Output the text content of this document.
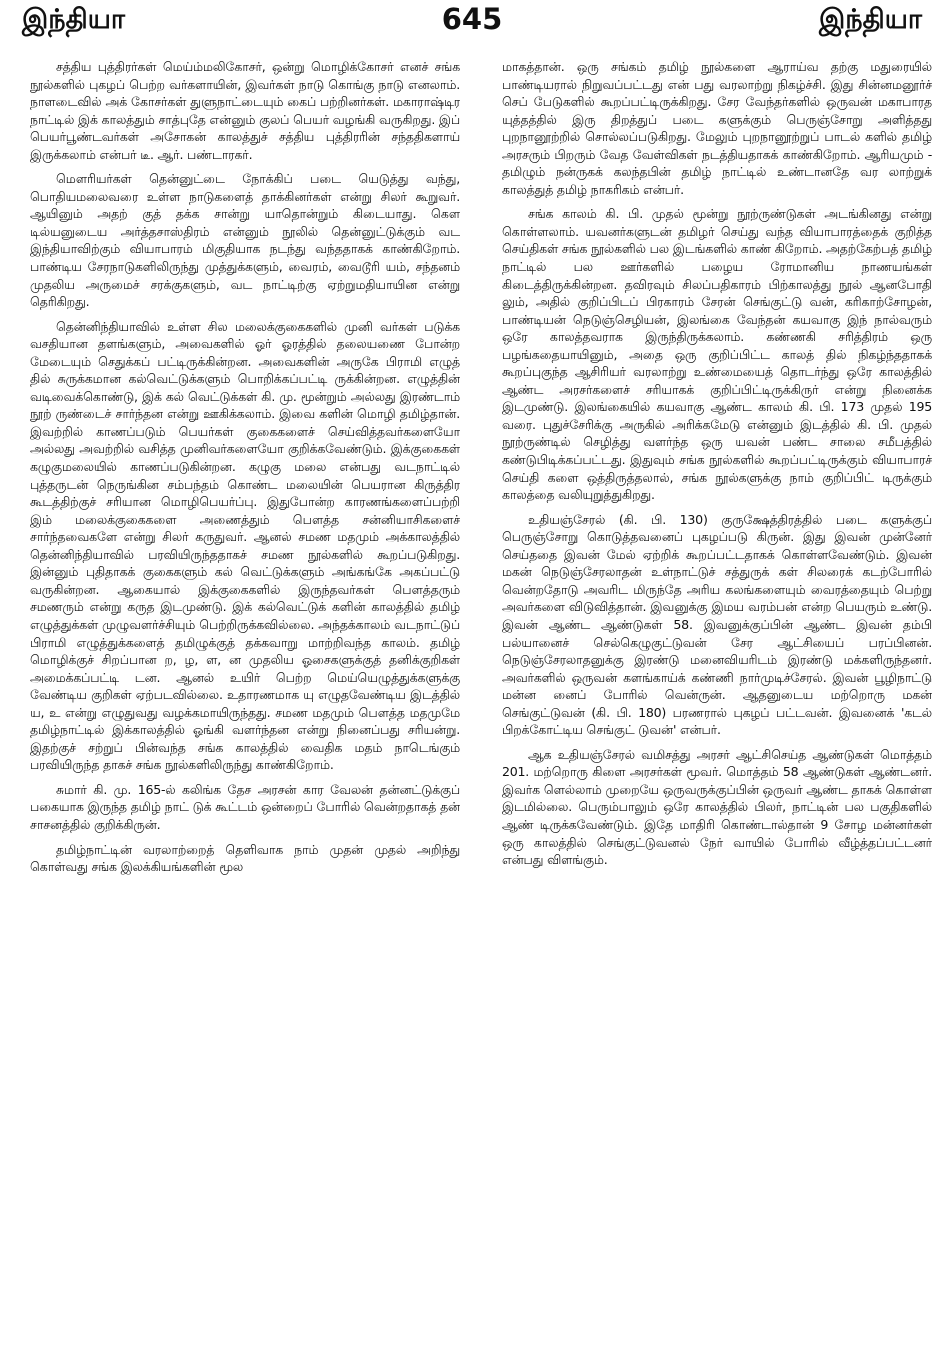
இந்தியா	645	இந்தியா

சத்திய புத்திரர்கள் மெய்ம்மலிகோசர், ஒன்று மொழிக்கோசர் எனச் சங்க நூல்களில் புகழப் பெற்ற வர்களாயின், இவர்கள் நாடு கொங்கு நாடு எனலாம். நாளடைவில் அக் கோசர்கள் துளுநாட்டையும் கைப் பற்றினர்கள். மகாராஷ்டிர நாட்டில் இக் காலத்தும் சாத்புதே என்னும் குலப் பெயர் வழங்கி வருகிறது. இப் பெயர்பூண்டவர்கள் அசோகன் காலத்துச் சத்திய புத்திரரின் சந்ததிகளாய் இருக்கலாம் என்பர் டீ. ஆர். பண்டாரகர்.

மௌரியர்கள் தென்னுட்டை நோக்கிப் படை யெடுத்து வந்து, பொதியமலைவரை உள்ள நாடுகளைத் தாக்கினர்கள் என்று சிலர் கூறுவர். ஆயினும் அதற் குத் தக்க சான்று யாதொன்றும் கிடையாது. கௌ டில்யனுடைய அர்த்தசாஸ்திரம் என்னும் நூலில் தென்னுட்டுக்கும் வட இந்தியாவிற்கும் வியாபாரம் மிகுதியாக நடந்து வந்ததாகக் காண்கிறோம். பாண்டிய சேரநாடுகளிலிருந்து முத்துக்களும், வைரம், வைடூரி யம், சந்தனம் முதலிய அருமைச் சரக்குகளும், வட நாட்டிற்கு ஏற்றுமதியாயின என்று தெரிகிறது.

தென்னிந்தியாவில் உள்ள சில மலைக்குகைகளில் முனி வர்கள் படுக்க வசதியான தளங்களும், அவைகளில் ஓர் ஓரத்தில் தலையணை போன்ற மேடையும் செதுக்கப் பட்டிருக்கின்றன. அவைகளின் அருகே பிராமி எழுத் தில் சுருக்கமான கல்வெட்டுக்களும் பொறிக்கப்பட்டி ருக்கின்றன. எழுத்தின் வடிவைக்கொண்டு, இக் கல் வெட்டுக்கள் கி. மு. மூன்றும் அல்லது இரண்டாம் நூற் ருண்டைச் சார்ந்தன என்று ஊகிக்கலாம். இவை களின் மொழி தமிழ்தான். இவற்றில் காணப்படும் பெயர்கள் குகைகளைச் செய்வித்தவர்களையோ அல்லது அவற்றில் வசித்த முனிவர்களையோ குறிக்கவேண்டும். இக்குகைகள் கழுகுமலையில் காணப்படுகின்றன. கழுகு மலை என்பது வடநாட்டில் புத்தருடன் நெருங்கின சம்பந்தம் கொண்ட மலையின் பெயரான கிருத்திர கூடத்திற்குச் சரியான மொழிபெயர்ப்பு. இதுபோன்ற காரணங்களைப்பற்றி இம் மலைக்குகைகளை அணைத்தும் பௌத்த சன்னியாசிகளைச் சார்ந்தவைகளே என்று சிலர் கருதுவர். ஆனல் சமண மதமும் அக்காலத்தில் தென்னிந்தியாவில் பரவியிருந்ததாகச் சமண நூல்களில் கூறப்படுகிறது. இன்னும் புதிதாகக் குகைகளும் கல் வெட்டுக்களும் அங்கங்கே அகப்பட்டு வருகின்றன. ஆகையால் இக்குகைகளில் இருந்தவர்கள் பௌத்தரும் சமணரும் என்று கருத இடமுண்டு. இக் கல்வெட்டுக் களின் காலத்தில் தமிழ் எழுத்துக்கள் முழுவளர்ச்சியும் பெற்றிருக்கவில்லை. அந்தக்காலம் வடநாட்டுப் பிராமி எழுத்துக்களைத் தமிழுக்குத் தக்கவாறு மாற்றிவந்த காலம். தமிழ் மொழிக்குச் சிறப்பான ற, ழ, ள, ன முதலிய ஓசைகளுக்குத் தனிக்குறிகள் அமைக்கப்பட்டி டன. ஆனல் உயிர் பெற்ற மெய்யெழுத்துக்களுக்கு வேண்டிய குறிகள் ஏற்படவில்லை. உதாரணமாக யு எழுதவேண்டிய இடத்தில் ய, உ என்று எழுதுவது வழக்கமாயிருந்தது. சமண மதமும் பௌத்த மதமுமே தமிழ்நாட்டில் இக்காலத்தில் ஓங்கி வளர்ந்தன என்று நினைப்பது சரியன்று. இதற்குச் சற்றுப் பின்வந்த சங்க காலத்தில் வைதிக மதம் நாடெங்கும் பரவியிருந்த தாகச் சங்க நூல்களிலிருந்து காண்கிறோம்.

சுமார் கி. மு. 165-ல் கலிங்க தேச அரசன் கார வேலன் தன்னட்டுக்குப் பகையாக இருந்த தமிழ் நாட் டுக் கூட்டம் ஒன்றைப் போரில் வென்றதாகத் தன் சாசனத்தில் குறிக்கிருன்.

தமிழ்நாட்டின் வரலாற்றைத் தெளிவாக நாம் முதன் முதல் அறிந்து கொள்வது சங்க இலக்கியங்களின் மூல

மாகத்தான். ஒரு சங்கம் தமிழ் நூல்களை ஆராய்வ தற்கு மதுரையில் பாண்டியரால் நிறுவப்பட்டது என் பது வரலாற்று நிகழ்ச்சி. இது சின்னமனூர்ச் செப் பேடுகளில் கூறப்பட்டிருக்கிறது. சேர வேந்தர்களில் ஒருவன் மகாபாரத யுத்தத்தில் இரு திறத்துப் படை களுக்கும் பெருஞ்சோறு அளித்தது புறநானூற்றில் சொல்லப்படுகிறது. மேலும் புறநானூற்றுப் பாடல் களில் தமிழ் அரசரும் பிறரும் வேத வேள்விகள் நடத்தியதாகக் காண்கிறோம். ஆரியமும் - தமிழும் நன்ருகக் கலந்தபின் தமிழ் நாட்டில் உண்டானதே வர லாற்றுக் காலத்துத் தமிழ் நாகரிகம் என்பர்.

சங்க காலம் கி. பி. முதல் மூன்று நூற்ருண்டுகள் அடங்கினது என்று கொள்ளலாம். யவனர்களுடன் தமிழர் செய்து வந்த வியாபாரத்தைக் குறித்த செய்திகள் சங்க நூல்களில் பல இடங்களில் காண் கிறோம். அதற்கேற்பத் தமிழ் நாட்டில் பல ஊர்களில் பழைய ரோமானிய நாணயங்கள் கிடைத்திருக்கின்றன. தவிரவும் சிலப்பதிகாரம் பிற்காலத்து நூல் ஆனபோதி லும், அதில் குறிப்பிடப் பிரகாரம் சேரன் செங்குட்டு வன், கரிகாற்சோழன், பாண்டியன் நெடுஞ்செழியன், இலங்கை வேந்தன் கயவாகு இந் நால்வரும் ஒரே காலத்தவராக இருந்திருக்கலாம். கண்ணகி சரித்திரம் ஒரு பழங்கதையாயினும், அதை ஒரு குறிப்பிட்ட காலத் தில் நிகழ்ந்ததாகக் கூறப்புகுந்த ஆசிரியர் வரலாற்று உண்மையைத் தொடர்ந்து ஒரே காலத்தில் ஆண்ட அரசர்களைச் சரியாகக் குறிப்பிட்டிருக்கிருர் என்று நினைக்க இடமுண்டு. இலங்கையில் கயவாகு ஆண்ட காலம் கி. பி. 173 முதல் 195 வரை. புதுச்சேரிக்கு அருகில் அரிக்கமேடு என்னும் இடத்தில் கி. பி. முதல் நூற்ருண்டில் செழித்து வளர்ந்த ஒரு யவன் பண்ட சாலை சமீபத்தில் கண்டுபிடிக்கப்பட்டது. இதுவும் சங்க நூல்களில் கூறப்பட்டிருக்கும் வியாபாரச் செய்தி களை ஒத்திருத்தலால், சங்க நூல்களுக்கு நாம் குறிப்பிட் டிருக்கும் காலத்தை வலியுறுத்துகிறது.

உதியஞ்சேரல் (கி. பி. 130) குருக்ஷேத்திரத்தில் படை களுக்குப் பெருஞ்சோறு கொடுத்தவனைப் புகழப்படு கிருன். இது இவன் முன்னேர் செய்ததை இவன் மேல் ஏற்றிக் கூறப்பட்டதாகக் கொள்ளவேண்டும். இவன் மகன் நெடுஞ்சேரலாதன் உள்நாட்டுச் சத்துருக் கள் சிலரைக் கடற்போரில் வென்றதோடு அவரிட மிருந்தே அரிய கலங்களையும் வைரத்தையும் பெற்று அவர்களை விடுவித்தான். இவனுக்கு இமய வரம்பன் என்ற பெயரும் உண்டு. இவன் ஆண்ட ஆண்டுகள் 58. இவனுக்குப்பின் ஆண்ட இவன் தம்பி பல்யானைச் செல்கெழுகுட்டுவன் சேர ஆட்சியைப் பரப்பினன். நெடுஞ்சேரலாதனுக்கு இரண்டு மனைவியரிடம் இரண்டு மக்களிருந்தனர். அவர்களில் ஒருவன் களங்காய்க் கண்ணி நார்முடிச்சேரல். இவன் பூழிநாட்டு மன்ன னைப் போரில் வென்ருன். ஆதனுடைய மற்றொரு மகன் செங்குட்டுவன் (கி. பி. 180) பரணரால் புகழப் பட்டவன். இவனைக் 'கடல் பிறக்கோட்டிய செங்குட் டுவன்' என்பர்.

ஆக உதியஞ்சேரல் வமிசத்து அரசர் ஆட்சிசெய்த ஆண்டுகள் மொத்தம் 201. மற்றொரு கிளை அரசர்கள் மூவர். மொத்தம் 58 ஆண்டுகள் ஆண்டனர். இவர்க ளெல்லாம் முறையே ஒருவருக்குப்பின் ஒருவர் ஆண்ட தாகக் கொள்ள இடமில்லை. பெரும்பாலும் ஒரே காலத்தில் பிலர், நாட்டின் பல பகுதிகளில் ஆண் டிருக்கவேண்டும். இதே மாதிரி கொண்டால்தான் 9 சோழ மன்னர்கள் ஒரு காலத்தில் செங்குட்டுவனல் நேர் வாயில் போரில் வீழ்த்தப்பட்டனர் என்பது விளங்கும்.
